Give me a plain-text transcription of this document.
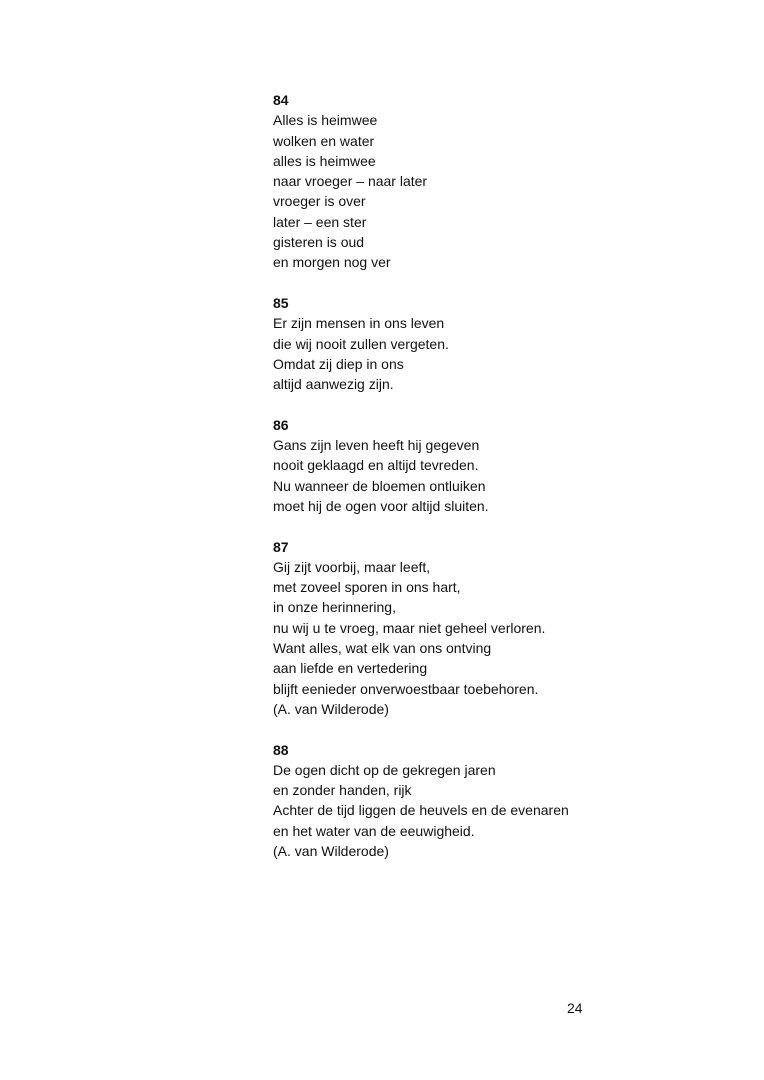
84
Alles is heimwee
wolken en water
alles is heimwee
naar vroeger – naar later
vroeger is over
later – een ster
gisteren is oud
en morgen nog ver
85
Er zijn mensen in ons leven
die wij nooit zullen vergeten.
Omdat zij diep in ons
altijd aanwezig zijn.
86
Gans zijn leven heeft hij gegeven
nooit geklaagd en altijd tevreden.
Nu wanneer de bloemen ontluiken
moet hij de ogen voor altijd sluiten.
87
Gij zijt voorbij, maar leeft,
met zoveel sporen in ons hart,
in onze herinnering,
nu wij u te vroeg, maar niet geheel verloren.
Want alles, wat elk van ons ontving
aan liefde en vertedering
blijft eenieder onverwoestbaar toebehoren.
(A. van Wilderode)
88
De ogen dicht op de gekregen jaren
en zonder handen, rijk
Achter de tijd liggen de heuvels en de evenaren
en het water van de eeuwigheid.
(A. van Wilderode)
24
